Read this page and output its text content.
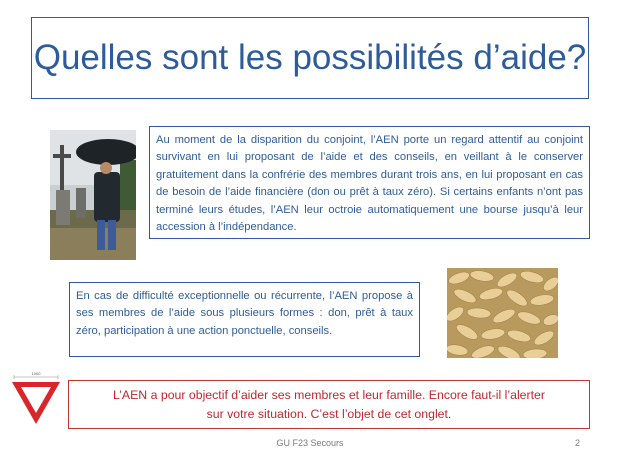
Quelles sont les possibilités d’aide?
Au moment de la disparition du conjoint, l’AEN porte un regard attentif au conjoint survivant en lui proposant de l’aide et des conseils, en veillant à le conserver gratuitement dans la confrérie des membres durant trois ans, en lui proposant en cas de besoin de l’aide financière (don ou prêt à taux zéro). Si certains enfants n’ont pas terminé leurs études, l’AEN leur octroie automatiquement une bourse jusqu’à leur accession à l’indépendance.
En cas de difficulté exceptionnelle ou récurrente, l’AEN propose à ses membres de l’aide sous plusieurs formes : don, prêt à taux zéro, participation à une action ponctuelle, conseils.
1000
L’AEN a pour objectif d’aider ses membres et leur famille. Encore faut-il l’alerter
sur votre situation. C’est l’objet de cet onglet.
GU F23 Secours	2
